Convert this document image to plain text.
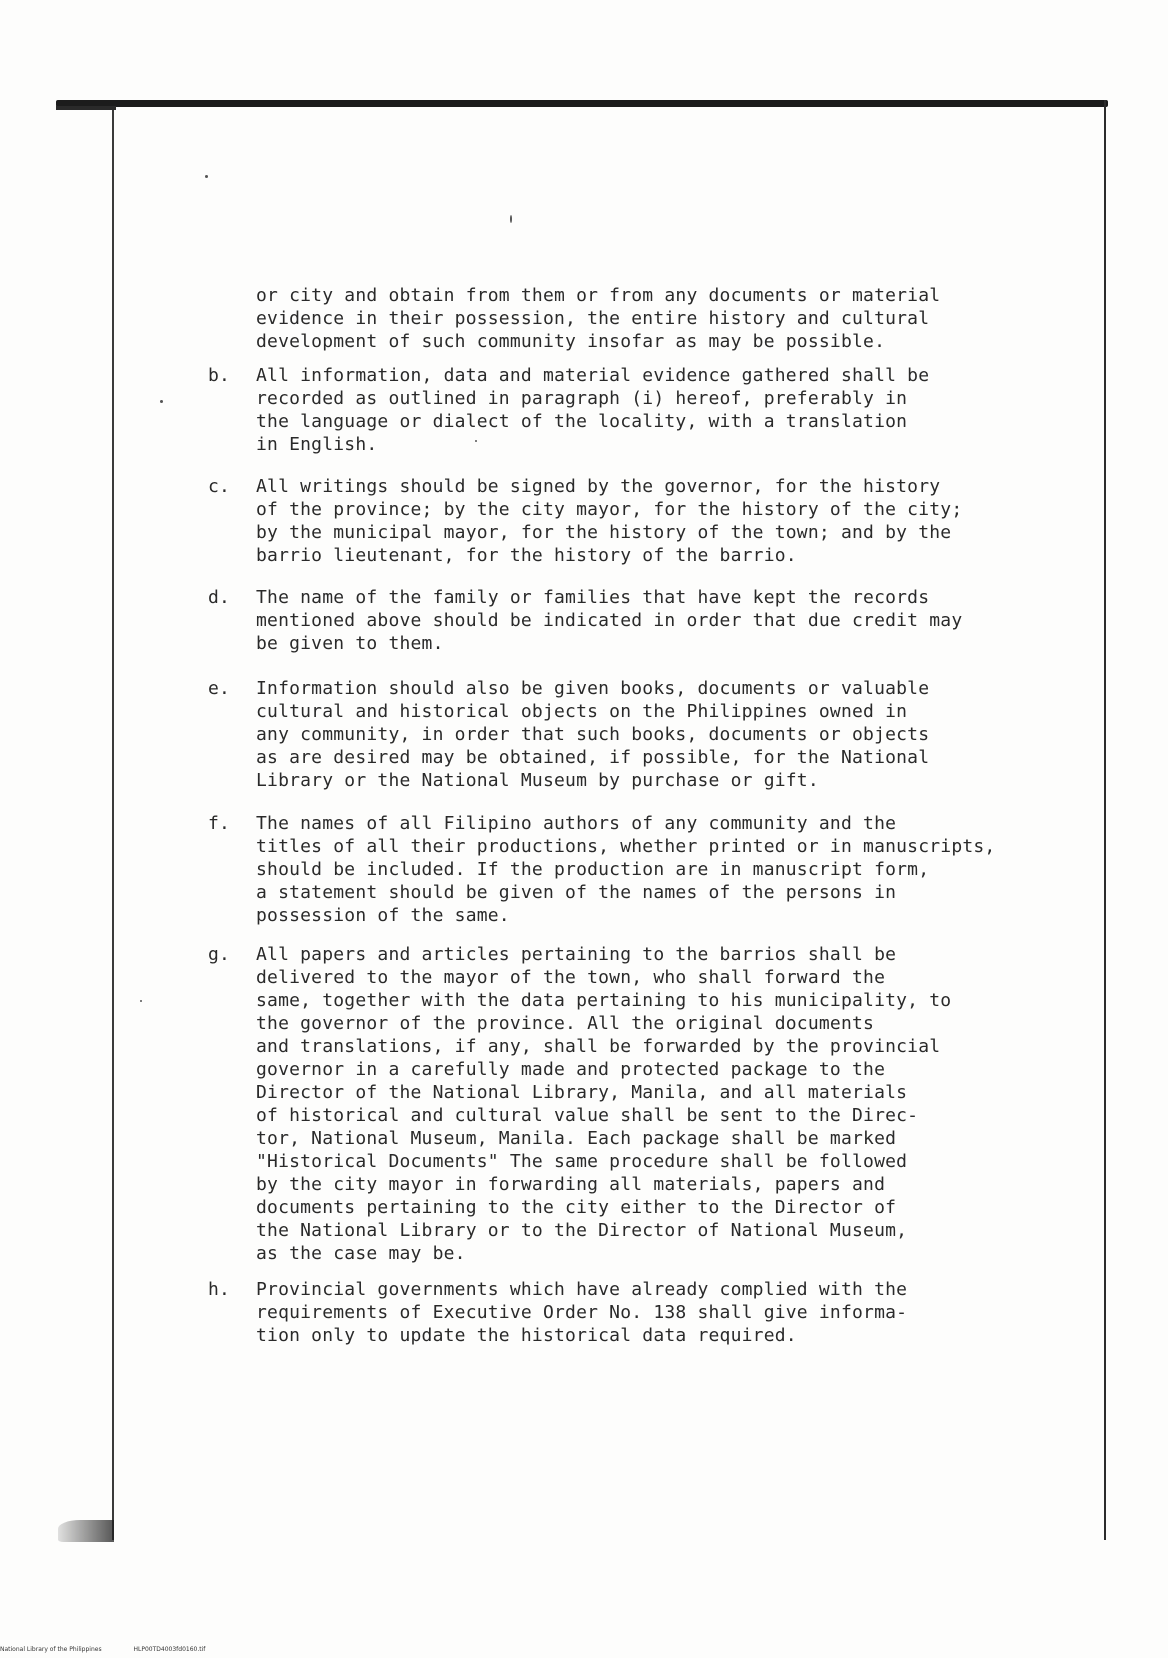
or city and obtain from them or from any documents or material
evidence in their possession, the entire history and cultural
development of such community insofar as may be possible.
b.	All information, data and material evidence gathered shall be
recorded as outlined in paragraph (i) hereof, preferably in
the language or dialect of the locality, with a translation
in English.
c.	All writings should be signed by the governor, for the history
of the province; by the city mayor, for the history of the city;
by the municipal mayor, for the history of the town; and by the
barrio lieutenant, for the history of the barrio.
d.	The name of the family or families that have kept the records
mentioned above should be indicated in order that due credit may
be given to them.
e.	Information should also be given books, documents or valuable
cultural and historical objects on the Philippines owned in
any community, in order that such books, documents or objects
as are desired may be obtained, if possible, for the National
Library or the National Museum by purchase or gift.
f.	The names of all Filipino authors of any community and the
titles of all their productions, whether printed or in manuscripts,
should be included. If the production are in manuscript form,
a statement should be given of the names of the persons in
possession of the same.
g.	All papers and articles pertaining to the barrios shall be
delivered to the mayor of the town, who shall forward the
same, together with the data pertaining to his municipality, to
the governor of the province. All the original documents
and translations, if any, shall be forwarded by the provincial
governor in a carefully made and protected package to the
Director of the National Library, Manila, and all materials
of historical and cultural value shall be sent to the Direc-
tor, National Museum, Manila. Each package shall be marked
"Historical Documents" The same procedure shall be followed
by the city mayor in forwarding all materials, papers and
documents pertaining to the city either to the Director of
the National Library or to the Director of National Museum,
as the case may be.
h.	Provincial governments which have already complied with the
requirements of Executive Order No. 138 shall give informa-
tion only to update the historical data required.
National Library of the Philippines	HLP00TD4003fd0160.tif
